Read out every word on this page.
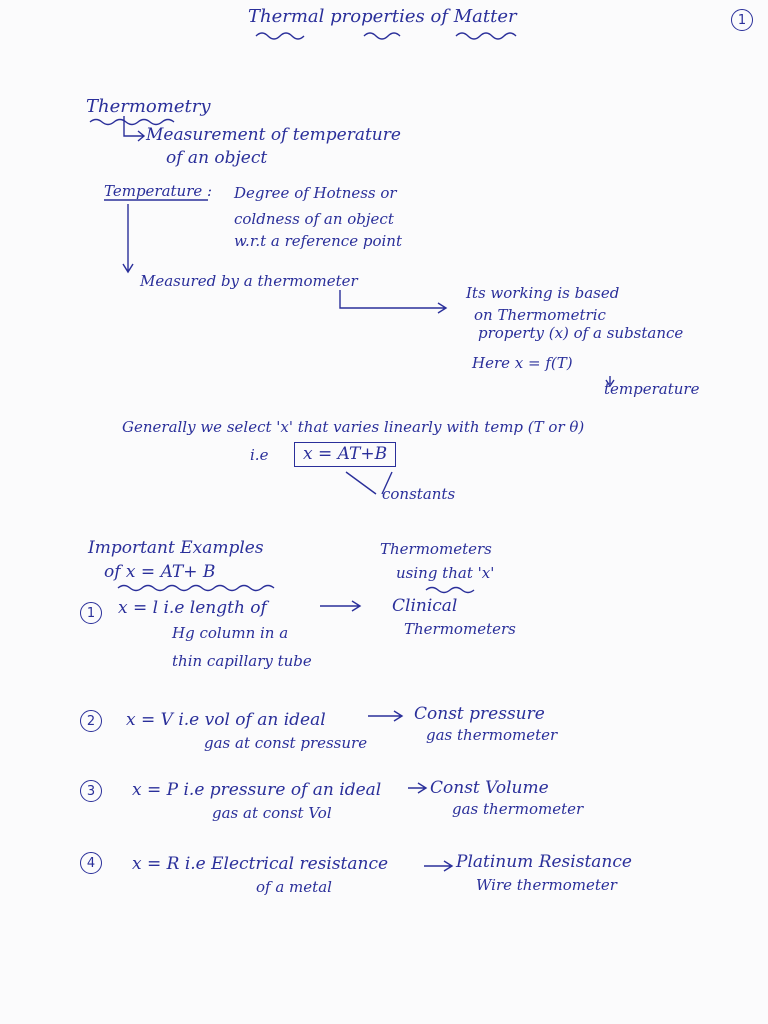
Thermal properties of Matter	1
Thermometry
Measurement of temperature
of an object
Temperature : Degree of Hotness or
coldness of an object
w.r.t a reference point
Measured by a thermometer
Its working is based
on Thermometric
property (x) of a substance
Here x = f(T)
temperature
Generally we select 'x' that varies linearly with temp (T or θ)
i.e	x = AT+B
constants
Important Examples
of x = AT+ B
Thermometers
using that 'x'
1	x = l i.e length of
Hg column in a
thin capillary tube
Clinical
Thermometers
2	x = V i.e vol of an ideal
gas at const pressure
Const pressure
gas thermometer
3	x = P i.e pressure of an ideal
gas at const Vol
Const Volume
gas thermometer
4	x = R i.e Electrical resistance
of a metal
Platinum Resistance
Wire thermometer
